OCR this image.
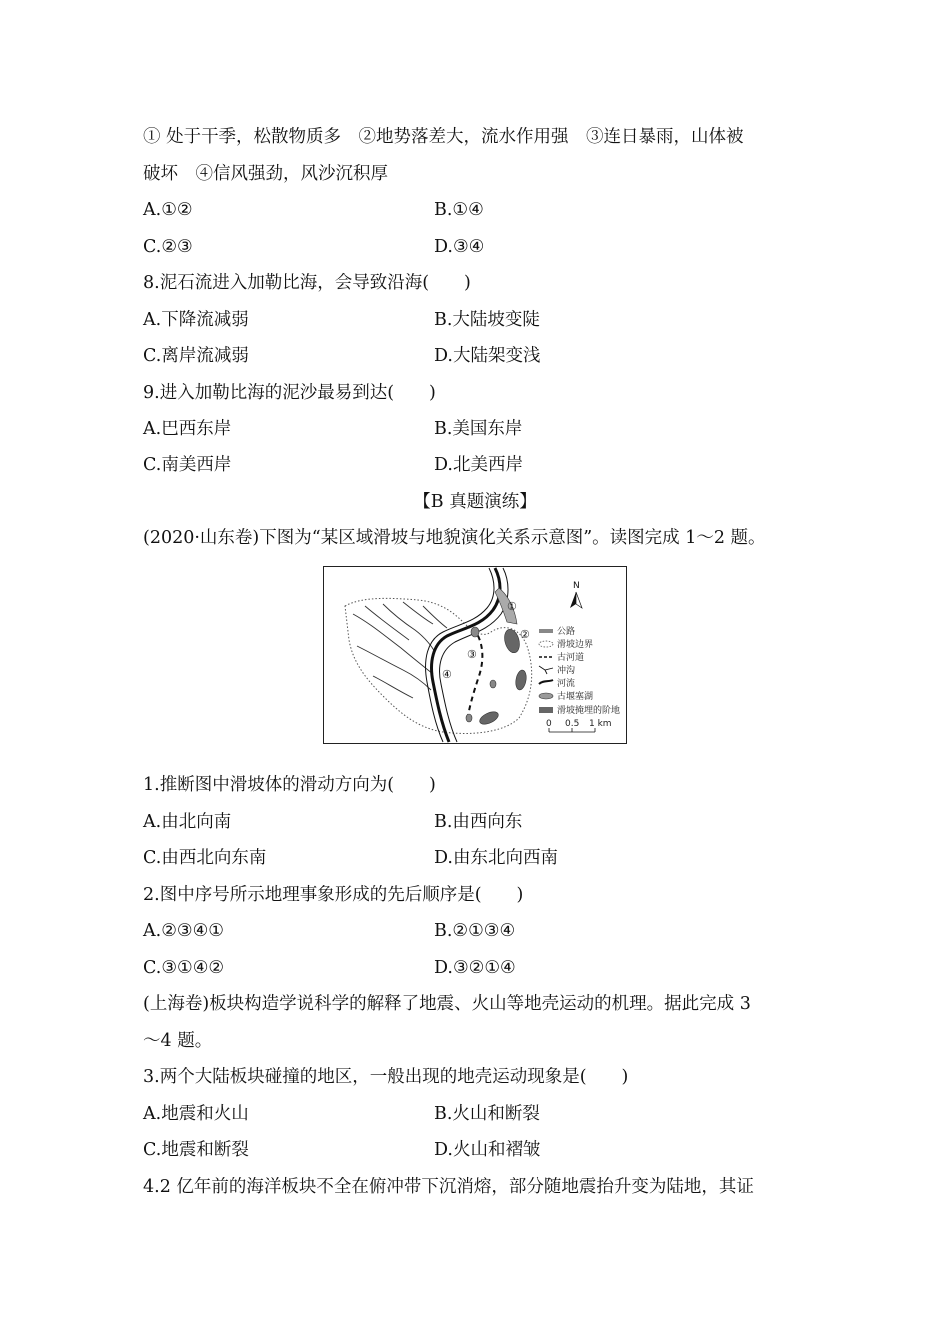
① 处于干季，松散物质多　②地势落差大，流水作用强　③连日暴雨，山体被
破坏　④信风强劲，风沙沉积厚
A.①②	B.①④
C.②③	D.③④
8.泥石流进入加勒比海，会导致沿海(　　)
A.下降流减弱	B.大陆坡变陡
C.离岸流减弱	D.大陆架变浅
9.进入加勒比海的泥沙最易到达(　　)
A.巴西东岸	B.美国东岸
C.南美西岸	D.北美西岸
【B 真题演练】
(2020·山东卷)下图为“某区域滑坡与地貌演化关系示意图”。读图完成 1～2 题。
①
②
③
④
N
公路
滑坡边界
古河道
冲沟
河流
古堰塞湖
滑坡掩埋的阶地
0 0.5 1 km
1.推断图中滑坡体的滑动方向为(　　)
A.由北向南	B.由西向东
C.由西北向东南	D.由东北向西南
2.图中序号所示地理事象形成的先后顺序是(　　)
A.②③④①	B.②①③④
C.③①④②	D.③②①④
(上海卷)板块构造学说科学的解释了地震、火山等地壳运动的机理。据此完成 3
～4 题。
3.两个大陆板块碰撞的地区，一般出现的地壳运动现象是(　　)
A.地震和火山	B.火山和断裂
C.地震和断裂	D.火山和褶皱
4.2 亿年前的海洋板块不全在俯冲带下沉消熔，部分随地震抬升变为陆地，其证
